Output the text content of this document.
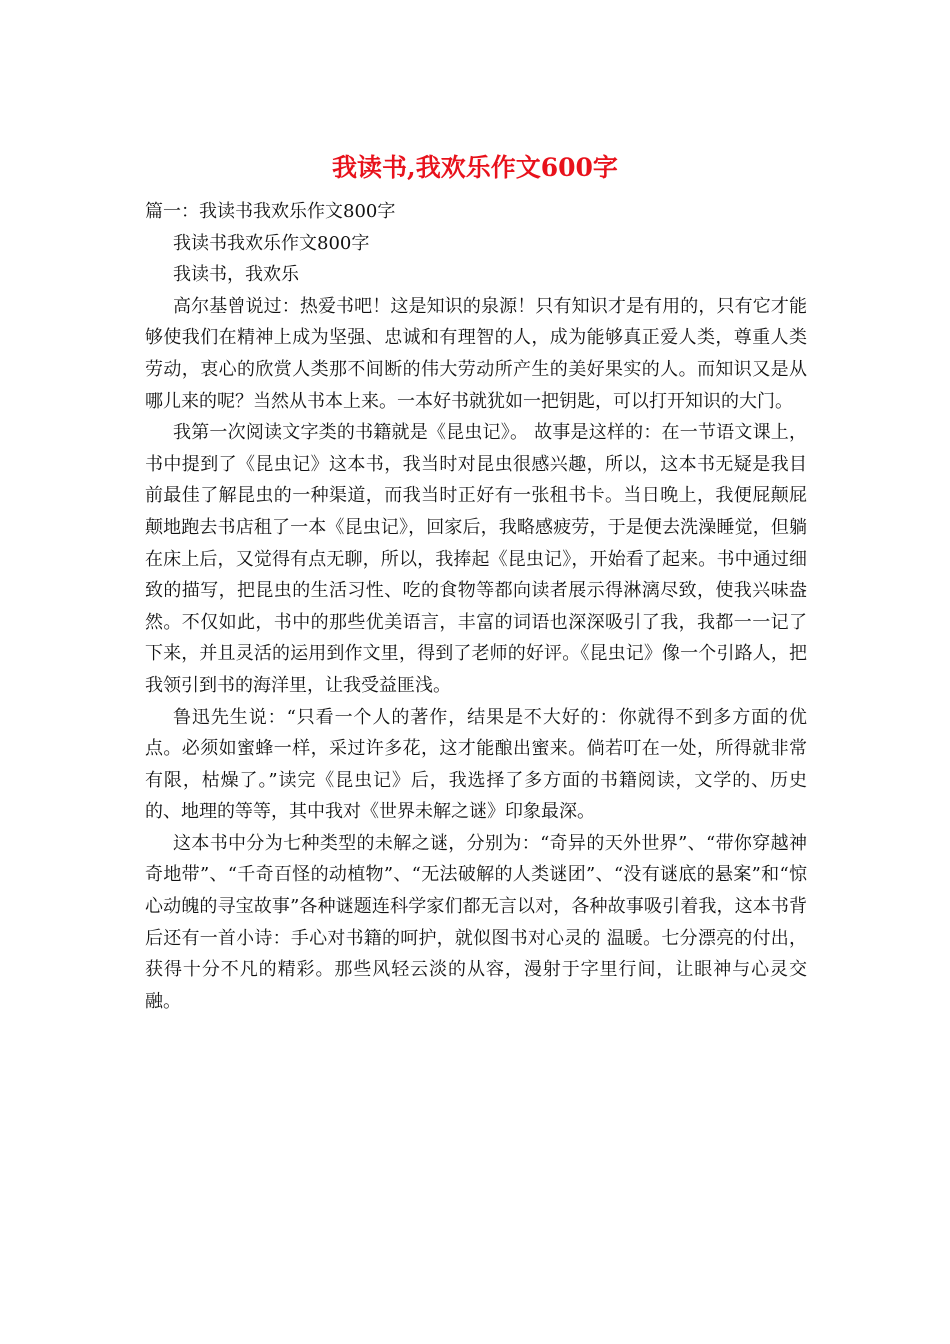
我读书,我欢乐作文600字

篇一：我读书我欢乐作文800字

我读书我欢乐作文800字

我读书，我欢乐

高尔基曾说过：热爱书吧！这是知识的泉源！只有知识才是有用的，只有它才能够使我们在精神上成为坚强、忠诚和有理智的人，成为能够真正爱人类，尊重人类劳动，衷心的欣赏人类那不间断的伟大劳动所产生的美好果实的人。而知识又是从哪儿来的呢？当然从书本上来。一本好书就犹如一把钥匙，可以打开知识的大门。

我第一次阅读文字类的书籍就是《昆虫记》。 故事是这样的：在一节语文课上，书中提到了《昆虫记》这本书，我当时对昆虫很感兴趣，所以，这本书无疑是我目前最佳了解昆虫的一种渠道，而我当时正好有一张租书卡。当日晚上，我便屁颠屁颠地跑去书店租了一本《昆虫记》，回家后，我略感疲劳，于是便去洗澡睡觉，但躺在床上后，又觉得有点无聊，所以，我捧起《昆虫记》，开始看了起来。书中通过细致的描写，把昆虫的生活习性、吃的食物等都向读者展示得淋漓尽致，使我兴味盎然。不仅如此，书中的那些优美语言，丰富的词语也深深吸引了我，我都一一记了下来，并且灵活的运用到作文里，得到了老师的好评。《昆虫记》像一个引路人，把我领引到书的海洋里，让我受益匪浅。

鲁迅先生说：“只看一个人的著作，结果是不大好的：你就得不到多方面的优点。必须如蜜蜂一样，采过许多花，这才能酿出蜜来。倘若叮在一处，所得就非常有限，枯燥了。”读完《昆虫记》后，我选择了多方面的书籍阅读，文学的、历史的、地理的等等，其中我对《世界未解之谜》印象最深。

这本书中分为七种类型的未解之谜，分别为：“奇异的天外世界”、“带你穿越神奇地带”、“千奇百怪的动植物”、“无法破解的人类谜团”、“没有谜底的悬案”和“惊心动魄的寻宝故事”各种谜题连科学家们都无言以对，各种故事吸引着我，这本书背后还有一首小诗：手心对书籍的呵护，就似图书对心灵的 温暖。七分漂亮的付出，获得十分不凡的精彩。那些风轻云淡的从容，漫射于字里行间，让眼神与心灵交融。
